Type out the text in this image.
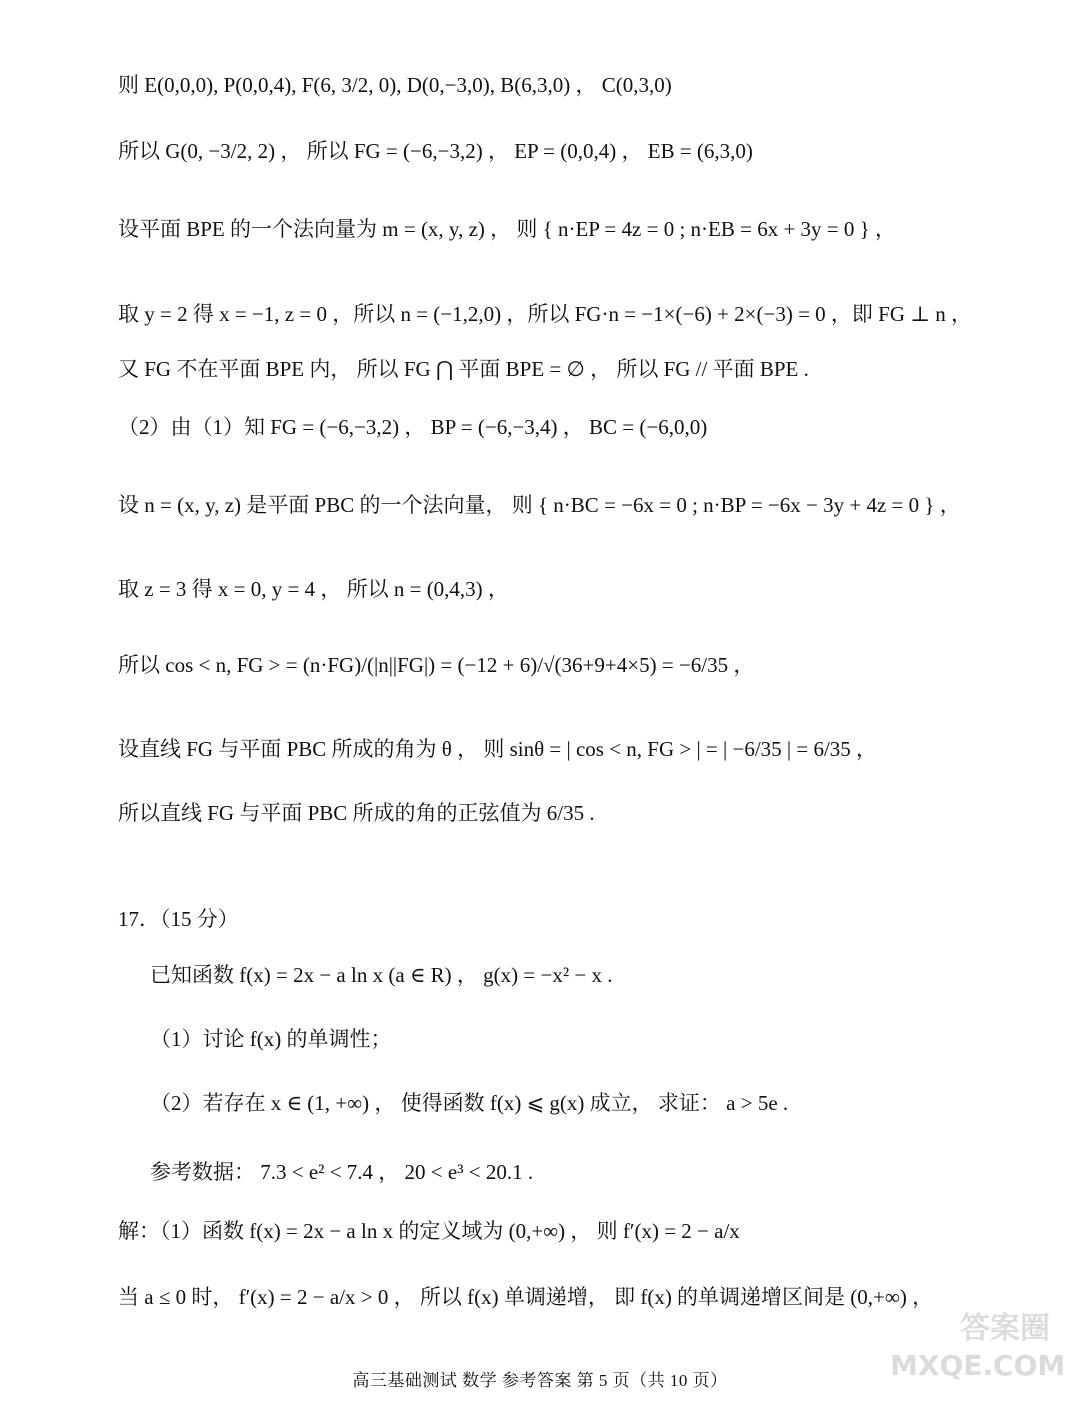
则 E(0,0,0), P(0,0,4), F(6, 3/2, 0), D(0,−3,0), B(6,3,0) ， C(0,3,0)
所以 G(0, −3/2, 2) ， 所以 FG = (−6,−3,2) ， EP = (0,0,4) ， EB = (6,3,0)
设平面 BPE 的一个法向量为 m = (x, y, z) ， 则 { n·EP = 4z = 0 ; n·EB = 6x + 3y = 0 } ，
取 y = 2 得 x = −1, z = 0 ，所以 n = (−1,2,0) ，所以 FG·n = −1×(−6) + 2×(−3) = 0 ，即 FG ⊥ n ，
又 FG 不在平面 BPE 内， 所以 FG ⋂ 平面 BPE = ∅ ， 所以 FG // 平面 BPE .
（2）由（1）知 FG = (−6,−3,2) ， BP = (−6,−3,4) ， BC = (−6,0,0)
设 n = (x, y, z) 是平面 PBC 的一个法向量， 则 { n·BC = −6x = 0 ; n·BP = −6x − 3y + 4z = 0 } ，
取 z = 3 得 x = 0, y = 4 ， 所以 n = (0,4,3) ，
所以 cos < n, FG > = (n·FG)/(|n||FG|) = (−12 + 6)/√(36+9+4×5) = −6/35 ，
设直线 FG 与平面 PBC 所成的角为 θ ， 则 sinθ = | cos < n, FG > | = | −6/35 | = 6/35 ，
所以直线 FG 与平面 PBC 所成的角的正弦值为 6/35 .
17．（15 分）
已知函数 f(x) = 2x − a ln x (a ∈ R) ， g(x) = −x² − x .
（1）讨论 f(x) 的单调性；
（2）若存在 x ∈ (1, +∞) ， 使得函数 f(x) ⩽ g(x) 成立， 求证： a > 5e .
参考数据： 7.3 < e² < 7.4 ， 20 < e³ < 20.1 .
解：（1）函数 f(x) = 2x − a ln x 的定义域为 (0,+∞) ， 则 f′(x) = 2 − a/x
当 a ≤ 0 时， f′(x) = 2 − a/x > 0 ， 所以 f(x) 单调递增， 即 f(x) 的单调递增区间是 (0,+∞) ，
高三基础测试 数学 参考答案 第 5 页（共 10 页）
答案圈
MXQE.COM
